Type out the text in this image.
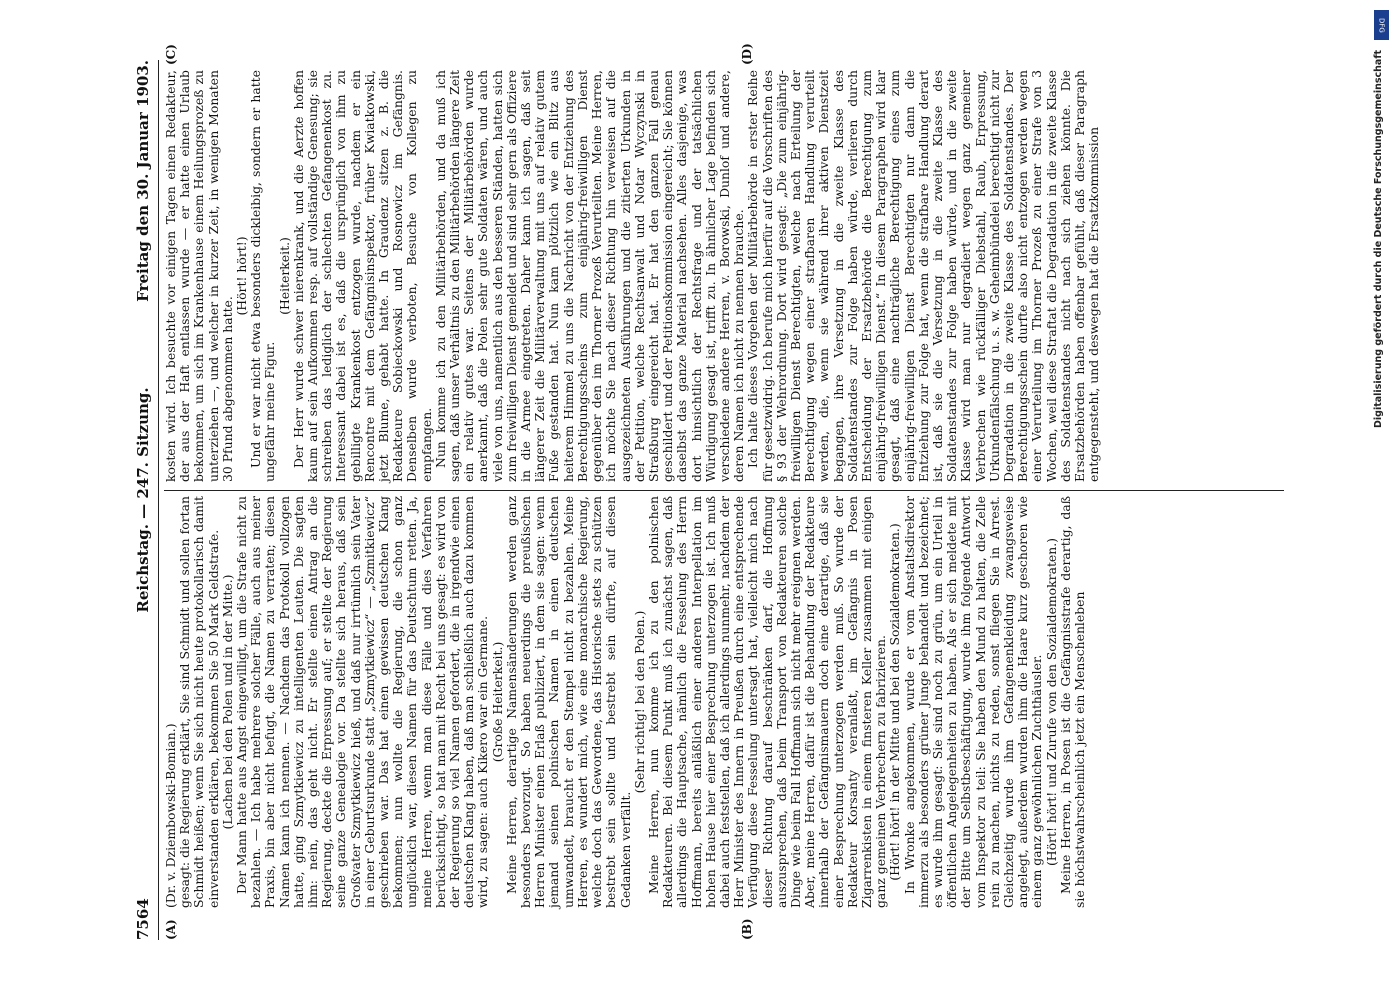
7564
Reichstag. — 247. Sitzung.
Freitag den 30. Januar 1903.
(A)	(B)
(C)	(D)

(Dr. v. Dziembowski-Bomian.) gesagt: die Regierung erklärt, Sie sind Schmidt und sollen fortan Schmidt heißen; wenn Sie sich nicht heute protokollarisch damit einverstanden erklären, bekommen Sie 50 Mark Geldstrafe. (Lachen bei den Polen und in der Mitte.) Der Mann hatte aus Angst eingewilligt, um die Strafe nicht zu bezahlen. — Ich habe mehrere solcher Fälle, auch aus meiner Praxis, bin aber nicht befugt, die Namen zu verraten; diesen Namen kann ich nennen. — Nachdem das Protokoll vollzogen hatte, ging Szmytkiewicz zu intelligenten Leuten. Die sagten ihm: nein, das geht nicht. Er stellte einen Antrag an die Regierung, deckte die Erpressung auf; er stellte der Regierung seine ganze Genealogie vor. Da stellte sich heraus, daß sein Großvater Szmytkiewicz hieß, und daß nur irrtümlich sein Vater in einer Geburtsurkunde statt „Szmytkiewicz“ — „Szmitkiewicz“ geschrieben war. Das hat einen gewissen deutschen Klang bekommen; nun wollte die Regierung, die schon ganz unglücklich war, diesen Namen für das Deutschtum retten. Ja, meine Herren, wenn man diese Fälle und dies Verfahren berücksichtigt, so hat man mit Recht bei uns gesagt: es wird von der Regierung so viel Namen gefordert, die in irgendwie einen deutschen Klang haben, daß man schließlich auch dazu kommen wird, zu sagen: auch Kikero war ein Germane. (Große Heiterkeit.) Meine Herren, derartige Namensänderungen werden ganz besonders bevorzugt. So haben neuerdings die preußischen Herren Minister einen Erlaß publiziert, in dem sie sagen: wenn jemand seinen polnischen Namen in einen deutschen umwandelt, braucht er den Stempel nicht zu bezahlen. Meine Herren, es wundert mich, wie eine monarchische Regierung, welche doch das Gewordene, das Historische stets zu schützen bestrebt sein sollte und bestrebt sein dürfte, auf diesen Gedanken verfällt.

(Sehr richtig! bei den Polen.) Meine Herren, nun komme ich zu den polnischen Redakteuren. Bei diesem Punkt muß ich zunächst sagen, daß allerdings die Hauptsache, nämlich die Fesselung des Herrn Hoffmann, bereits anläßlich einer anderen Interpellation im hohen Hause hier einer Besprechung unterzogen ist. Ich muß dabei auch feststellen, daß ich allerdings nunmehr, nachdem der Herr Minister des Innern in Preußen durch eine entsprechende Verfügung diese Fesselung untersagt hat, vielleicht mich nach dieser Richtung darauf beschränken darf, die Hoffnung auszusprechen, daß beim Transport von Redakteuren solche Dinge wie beim Fall Hoffmann sich nicht mehr ereignen werden. Aber, meine Herren, dafür ist die Behandlung der Redakteure innerhalb der Gefängnismauern doch eine derartige, daß sie einer Besprechung unterzogen werden muß. So wurde der Redakteur Korsanty veranlaßt, im Gefängnis in Posen Zigarrenkisten in einem finsteren Keller zusammen mit einigen ganz gemeinen Verbrechern zu fabrizieren. (Hört! hört! in der Mitte und bei den Sozialdemokraten.) In Wronke angekommen, wurde er vom Anstaltsdirektor immerzu als besonders grüner Junge behandelt und bezeichnet; es wurde ihm gesagt: Sie sind noch zu grün, um ein Urteil in öffentlichen Angelegenheiten zu haben. Als er sich meldete mit der Bitte um Selbstbeschäftigung, wurde ihm folgende Antwort vom Inspektor zu teil: Sie haben den Mund zu halten, die Zelle rein zu machen, nichts zu reden, sonst fliegen Sie in Arrest. Gleichzeitig wurde ihm Gefangenenkleidung zwangsweise angelegt, außerdem wurden ihm die Haare kurz geschoren wie einem ganz gewöhnlichen Zuchthäusler. (Hört! hört! und Zurufe von den Sozialdemokraten.) Meine Herren, in Posen ist die Gefängnisstrafe derartig, daß sie höchstwahrscheinlich jetzt ein Menschenleben

kosten wird. Ich besuchte vor einigen Tagen einen Redakteur, der aus der Haft entlassen wurde — er hatte einen Urlaub bekommen, um sich im Krankenhause einem Heilungsprozeß zu unterziehen —, und welcher in kurzer Zeit, in wenigen Monaten 30 Pfund abgenommen hatte.

(Hört! hört!) Und er war nicht etwa besonders dickleibig, sondern er hatte ungefähr meine Figur.

(Heiterkeit.) Der Herr wurde schwer nierenkrank, und die Aerzte hoffen kaum auf sein Aufkommen resp. auf vollständige Genesung; sie schreiben das lediglich der schlechten Gefangenenkost zu. Interessant dabei ist es, daß die ursprünglich von ihm zu gebilligte Krankenkost entzogen wurde, nachdem er ein Rencontre mit dem Gefängnisinspektor, früher Kwiatkowski, jetzt Blume, gehabt hatte. In Graudenz sitzen z. B. die Redakteure Sobieckowski und Rosnowicz im Gefängnis. Denselben wurde verboten, Besuche von Kollegen zu empfangen. Nun komme ich zu den Militärbehörden, und da muß ich sagen, daß unser Verhältnis zu den Militärbehörden längere Zeit ein relativ gutes war. Seitens der Militärbehörden wurde anerkannt, daß die Polen sehr gute Soldaten wären, und auch viele von uns, namentlich aus den besseren Ständen, hatten sich zum freiwilligen Dienst gemeldet und sind sehr gern als Offiziere in die Armee eingetreten. Daher kann ich sagen, daß seit längerer Zeit die Militärverwaltung mit uns auf relativ gutem Fuße gestanden hat. Nun kam plötzlich wie ein Blitz aus heiterem Himmel zu uns die Nachricht von der Entziehung des Berechtigungsscheins zum einjährig-freiwilligen Dienst gegenüber den im Thorner Prozeß Verurteilten. Meine Herren, ich möchte Sie nach dieser Richtung hin verweisen auf die ausgezeichneten Ausführungen und die zitierten Urkunden in der Petition, welche Rechtsanwalt und Notar Wyczynski in Straßburg eingereicht hat. Er hat den ganzen Fall genau geschildert und der Petitionskommission eingereicht; Sie können daselbst das ganze Material nachsehen. Alles dasjenige, was dort hinsichtlich der Rechtsfrage und der tatsächlichen Würdigung gesagt ist, trifft zu. In ähnlicher Lage befinden sich verschiedene andere Herren, v. Borowski, Dunlof und andere, deren Namen ich nicht zu nennen brauche. Ich halte dieses Vorgehen der Militärbehörde in erster Reihe für gesetzwidrig. Ich berufe mich hierfür auf die Vorschriften des § 93 der Wehrordnung. Dort wird gesagt: „Die zum einjährig-freiwilligen Dienst Berechtigten, welche nach Erteilung der Berechtigung wegen einer strafbaren Handlung verurteilt werden, die, wenn sie während ihrer aktiven Dienstzeit begangen, ihre Versetzung in die zweite Klasse des Soldatenstandes zur Folge haben würde, verlieren durch Entscheidung der Ersatzbehörde die Berechtigung zum einjährig-freiwilligen Dienst.“ In diesem Paragraphen wird klar gesagt, daß eine nachträgliche Berechtigung eines zum einjährig-freiwilligen Dienst Berechtigten nur dann die Entziehung zur Folge hat, wenn die strafbare Handlung derart ist, daß sie die Versetzung in die zweite Klasse des Soldatenstandes zur Folge haben würde, und in die zweite Klasse wird man nur degradiert wegen ganz gemeiner Verbrechen wie rückfälliger Diebstahl, Raub, Erpressung, Urkundenfälschung u. s. w. Geheimbündelei berechtigt nicht zur Degradation in die zweite Klasse des Soldatenstandes. Der Berechtigungsschein durfte also nicht entzogen werden wegen einer Verurteilung im Thorner Prozeß zu einer Strafe von 3 Wochen, weil diese Straftat die Degradation in die zweite Klasse des Soldatenstandes nicht nach sich ziehen könnte. Die Ersatzbehörden haben offenbar gefühlt, daß dieser Paragraph entgegensteht, und deswegen hat die Ersatzkommission

DFG
Digitalisierung gefördert durch die Deutsche Forschungsgemeinschaft
